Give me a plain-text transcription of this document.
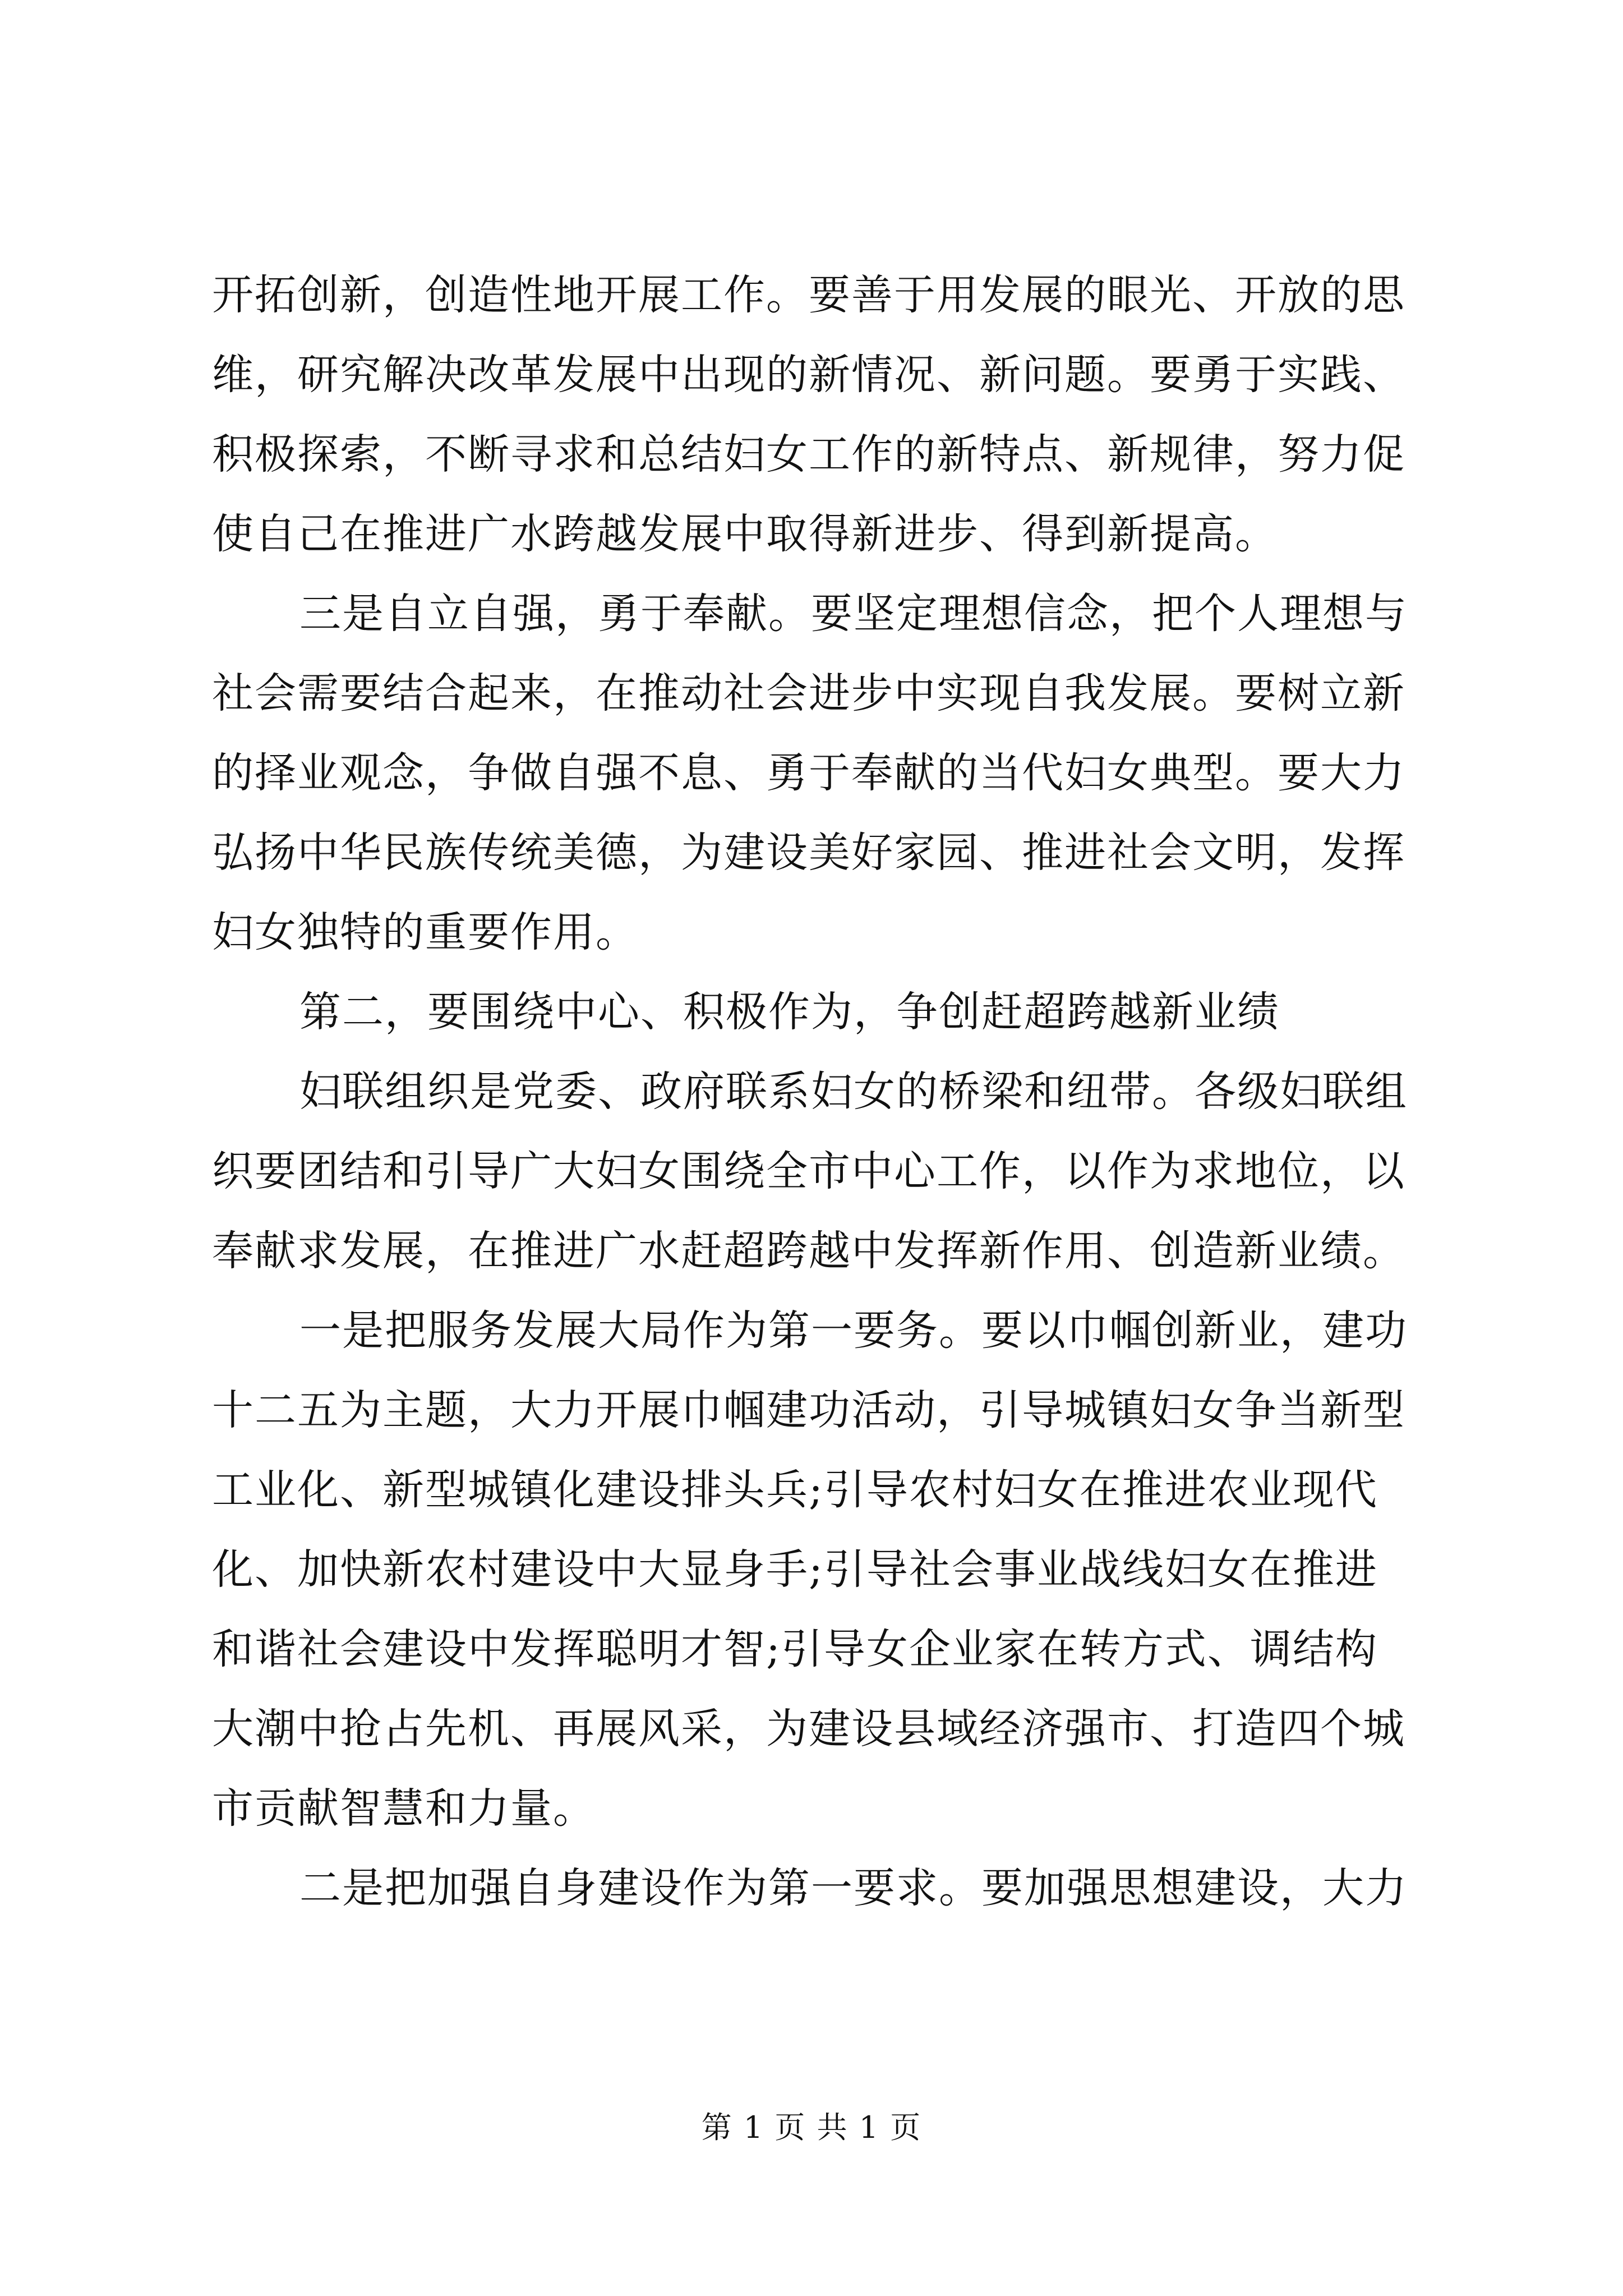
开拓创新，创造性地开展工作。要善于用发展的眼光、开放的思
维，研究解决改革发展中出现的新情况、新问题。要勇于实践、
积极探索，不断寻求和总结妇女工作的新特点、新规律，努力促
使自己在推进广水跨越发展中取得新进步、得到新提高。
三是自立自强，勇于奉献。要坚定理想信念，把个人理想与
社会需要结合起来，在推动社会进步中实现自我发展。要树立新
的择业观念，争做自强不息、勇于奉献的当代妇女典型。要大力
弘扬中华民族传统美德，为建设美好家园、推进社会文明，发挥
妇女独特的重要作用。
第二，要围绕中心、积极作为，争创赶超跨越新业绩
妇联组织是党委、政府联系妇女的桥梁和纽带。各级妇联组
织要团结和引导广大妇女围绕全市中心工作，以作为求地位，以
奉献求发展，在推进广水赶超跨越中发挥新作用、创造新业绩。
一是把服务发展大局作为第一要务。要以巾帼创新业，建功
十二五为主题，大力开展巾帼建功活动，引导城镇妇女争当新型
工业化、新型城镇化建设排头兵;引导农村妇女在推进农业现代
化、加快新农村建设中大显身手;引导社会事业战线妇女在推进
和谐社会建设中发挥聪明才智;引导女企业家在转方式、调结构
大潮中抢占先机、再展风采，为建设县域经济强市、打造四个城
市贡献智慧和力量。
二是把加强自身建设作为第一要求。要加强思想建设，大力
第 1 页 共 1 页
